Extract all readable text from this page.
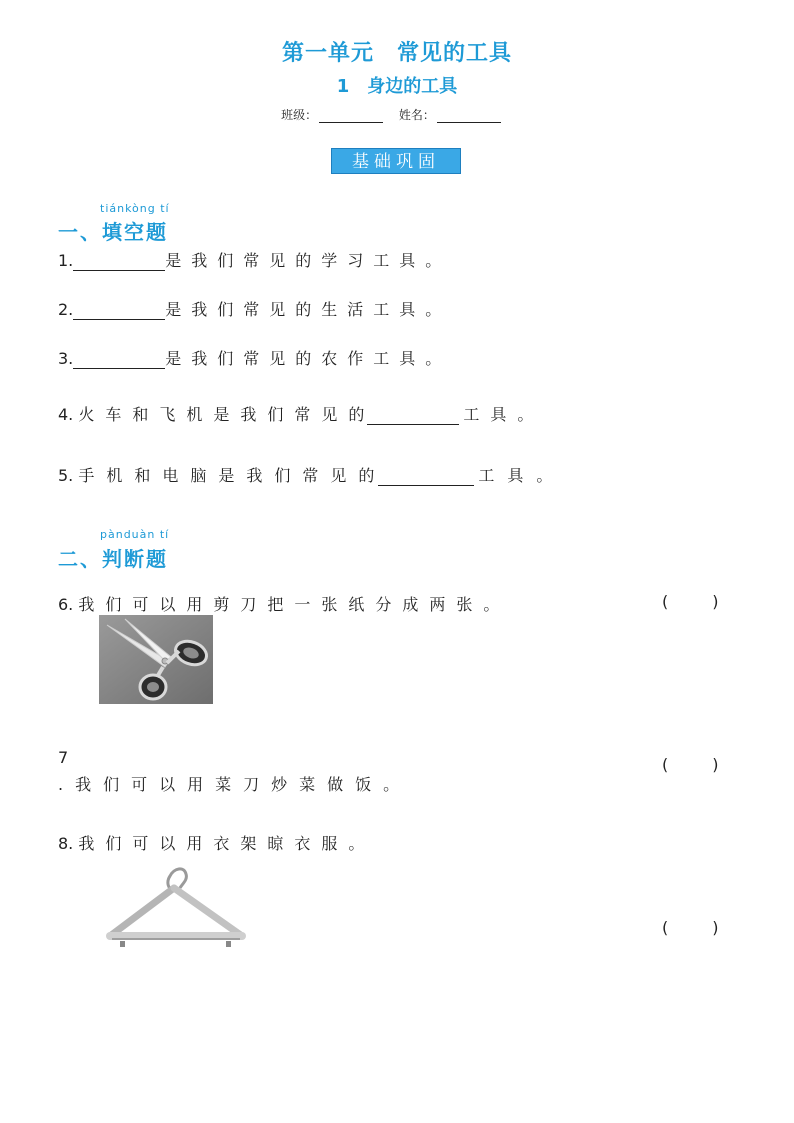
第一单元　常见的工具
1　身边的工具
班级：	姓名：
基础巩固
tiánkòng tí
一、填空题
1.	是我们常见的学习工具。
2.	是我们常见的生活工具。
3.	是我们常见的农作工具。
4. 火车和飞机是我们常见的	工具。
5. 手机和电脑是我们常见的	工具。
pànduàn tí
二、判断题
6. 我们可以用剪刀把一张纸分成两张。	(	)
7
.我们可以用菜刀炒菜做饭。
(	)
8. 我们可以用衣架晾衣服。
(	)
